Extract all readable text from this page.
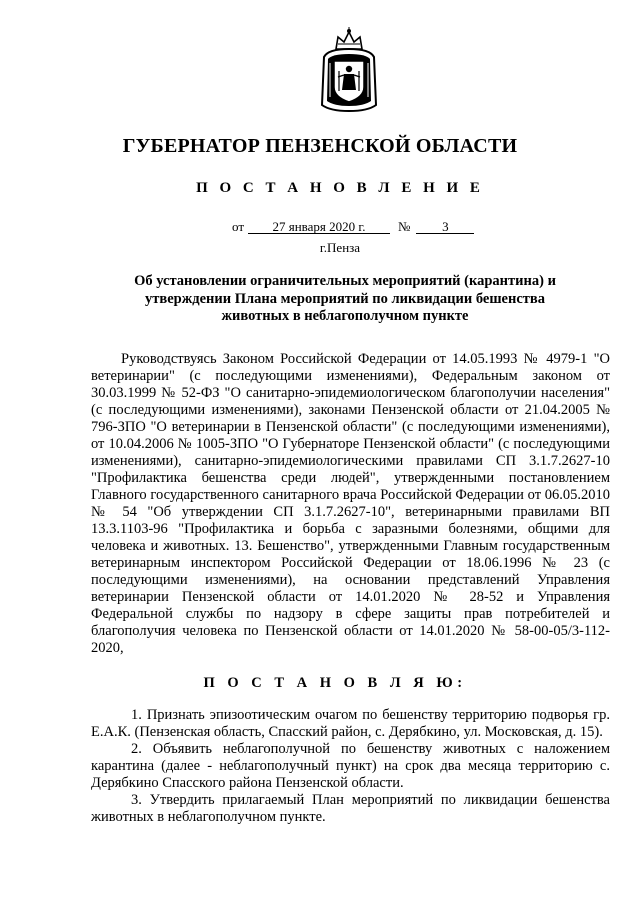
ГУБЕРНАТОР ПЕНЗЕНСКОЙ ОБЛАСТИ
П О С Т А Н О В Л Е Н И Е
от 27 января 2020 г. № 3
г.Пенза
Об установлении ограничительных мероприятий (карантина) и утверждении Плана мероприятий по ликвидации бешенства животных в неблагополучном пункте

Руководствуясь Законом Российской Федерации от 14.05.1993 № 4979-1 "О ветеринарии" (с последующими изменениями), Федеральным законом от 30.03.1999 № 52-ФЗ "О санитарно-эпидемиологическом благополучии населения" (с последующими изменениями), законами Пензенской области от 21.04.2005 № 796-ЗПО "О ветеринарии в Пензенской области" (с последующими изменениями), от 10.04.2006 № 1005-ЗПО "О Губернаторе Пензенской области" (с последующими изменениями), санитарно-эпидемиологическими правилами СП 3.1.7.2627-10 "Профилактика бешенства среди людей", утвержденными постановлением Главного государственного санитарного врача Российской Федерации от 06.05.2010 № 54 "Об утверждении СП 3.1.7.2627-10", ветеринарными правилами ВП 13.3.1103-96 "Профилактика и борьба с заразными болезнями, общими для человека и животных. 13. Бешенство", утвержденными Главным государственным ветеринарным инспектором Российской Федерации от 18.06.1996 № 23 (с последующими изменениями), на основании представлений Управления ветеринарии Пензенской области от 14.01.2020 № 28-52 и Управления Федеральной службы по надзору в сфере защиты прав потребителей и благополучия человека по Пензенской области от 14.01.2020 № 58-00-05/3-112-2020,

П О С Т А Н О В Л Я Ю:

1. Признать эпизоотическим очагом по бешенству территорию подворья гр. Е.А.К. (Пензенская область, Спасский район, с. Дерябкино, ул. Московская, д. 15).

2. Объявить неблагополучной по бешенству животных с наложением карантина (далее - неблагополучный пункт) на срок два месяца территорию с. Дерябкино Спасского района Пензенской области.

3. Утвердить прилагаемый План мероприятий по ликвидации бешенства животных в неблагополучном пункте.
